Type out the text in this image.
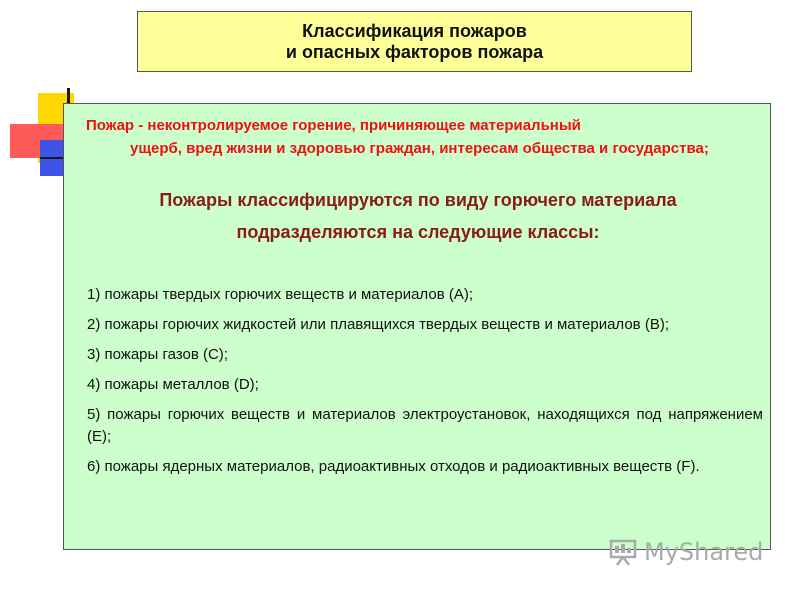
Классификация пожаров
и опасных факторов пожара
Пожар - неконтролируемое горение, причиняющее материальный
ущерб, вред жизни и здоровью граждан, интересам общества и государства;
Пожары классифицируются по виду горючего материала
подразделяются на следующие классы:
1) пожары твердых горючих веществ и материалов (A);
2) пожары горючих жидкостей или плавящихся твердых веществ и материалов (B);
3) пожары газов (C);
4) пожары металлов (D);
5) пожары горючих веществ и материалов электроустановок, находящихся под напряжением (E);
6) пожары ядерных материалов, радиоактивных отходов и радиоактивных веществ (F).
MyShared
